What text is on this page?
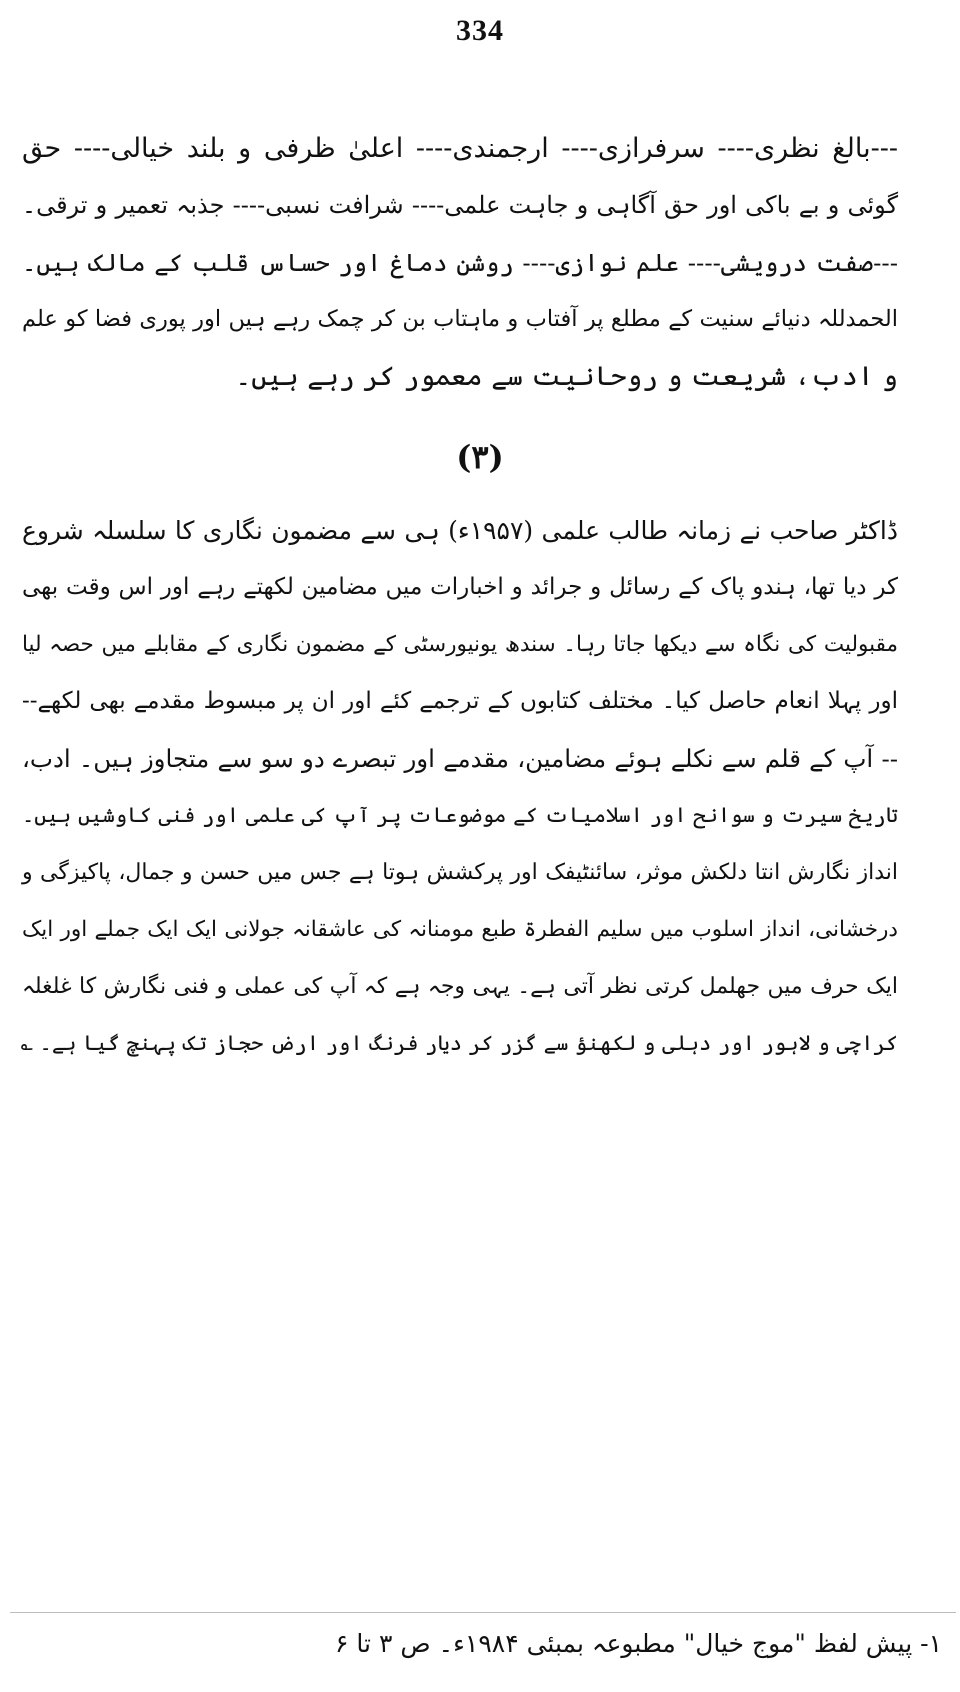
334
---بالغ نظری---- سرفرازی---- ارجمندی---- اعلیٰ ظرفی و بلند خیالی---- حق
گوئی و بے باکی اور حق آگاہی و جاہت علمی---- شرافت نسبی---- جذبہ تعمیر و ترقی۔
---صفت درویشی---- علم نوازی---- روشن دماغ اور حساس قلب کے مالک ہیں۔
الحمدللہ دنیائے سنیت کے مطلع پر آفتاب و ماہتاب بن کر چمک رہے ہیں اور پوری فضا کو علم
و ادب، شریعت و روحانیت سے معمور کر رہے ہیں۔
(۳)
ڈاکٹر صاحب نے زمانہ طالب علمی (۱۹۵۷ء) ہی سے مضمون نگاری کا سلسلہ شروع
کر دیا تھا، ہندو پاک کے رسائل و جرائد و اخبارات میں مضامین لکھتے رہے اور اس وقت بھی
مقبولیت کی نگاہ سے دیکھا جاتا رہا۔ سندھ یونیورسٹی کے مضمون نگاری کے مقابلے میں حصہ لیا
اور پہلا انعام حاصل کیا۔ مختلف کتابوں کے ترجمے کئے اور ان پر مبسوط مقدمے بھی لکھے--
-- آپ کے قلم سے نکلے ہوئے مضامین، مقدمے اور تبصرے دو سو سے متجاوز ہیں۔ ادب،
تاریخ سیرت و سوانح اور اسلامیات کے موضوعات پر آپ کی علمی اور فنی کاوشیں ہیں۔
انداز نگارش انتا دلکش موثر، سائنٹیفک اور پرکشش ہوتا ہے جس میں حسن و جمال، پاکیزگی و
درخشانی، انداز اسلوب میں سلیم الفطرۃ طبع مومنانہ کی عاشقانہ جولانی ایک ایک جملے اور ایک
ایک حرف میں جھلمل کرتی نظر آتی ہے۔ یہی وجہ ہے کہ آپ کی عملی و فنی نگارش کا غلغلہ
کراچی و لاہور اور دہلی و لکھنؤ سے گزر کر دیار فرنگ اور ارض حجاز تک پہنچ گیا ہے۔ ؎
۱- پیش لفظ "موج خیال" مطبوعہ بمبئی ۱۹۸۴ء۔ ص ۳ تا ۶
